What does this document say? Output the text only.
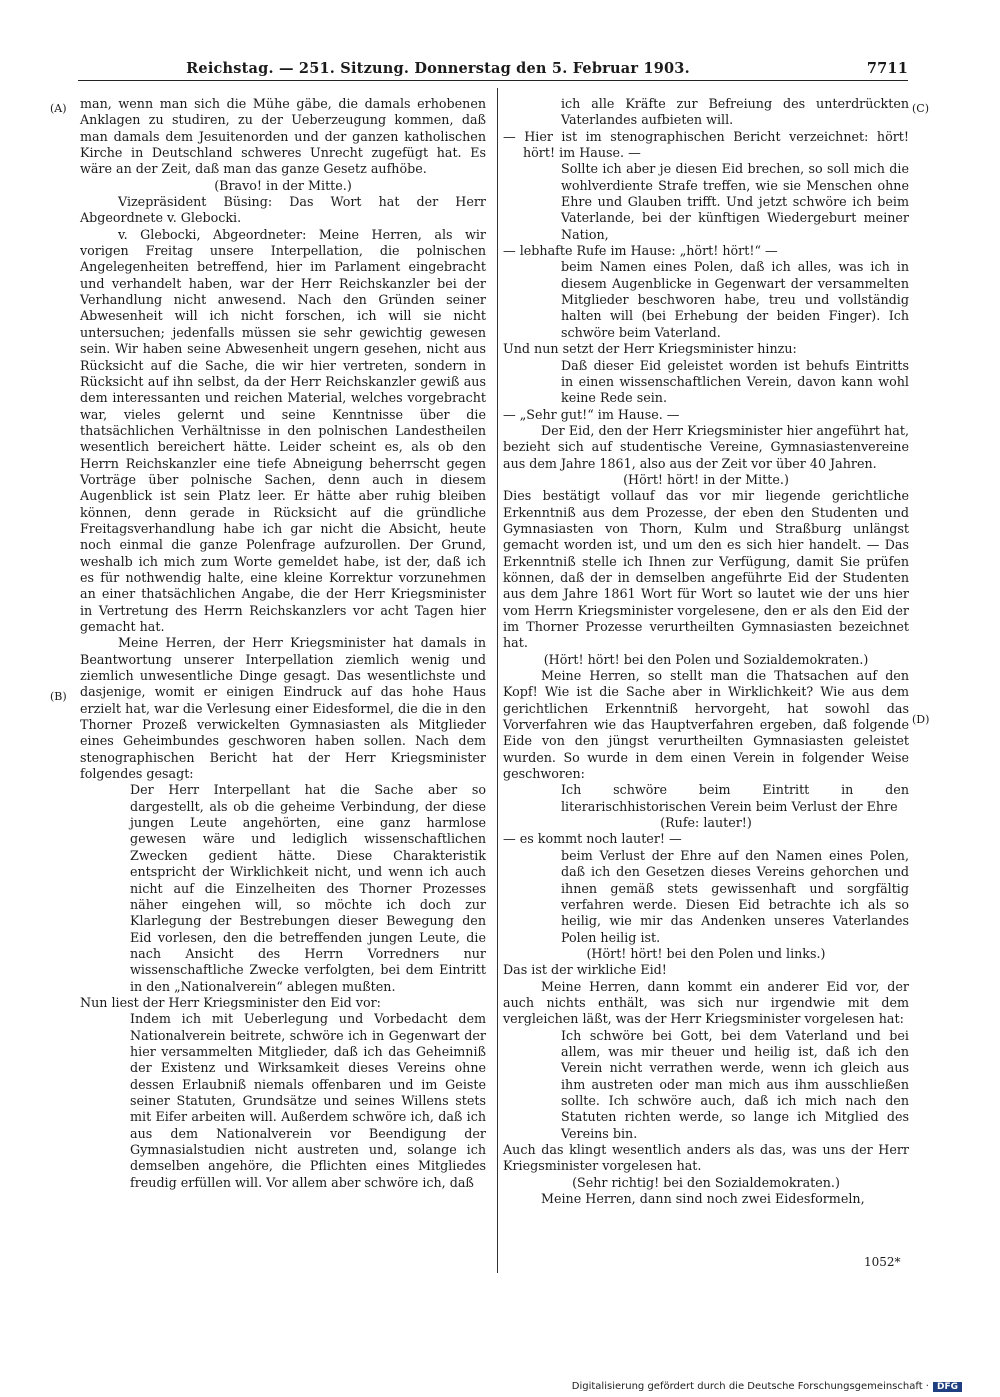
Reichstag. — 251. Sitzung. Donnerstag den 5. Februar 1903.	7711
(A)
(B)
(C)
(D)

man, wenn man sich die Mühe gäbe, die damals erhobenen Anklagen zu studiren, zu der Ueberzeugung kommen, daß man damals dem Jesuitenorden und der ganzen katholischen Kirche in Deutschland schweres Unrecht zugefügt hat. Es wäre an der Zeit, daß man das ganze Gesetz aufhöbe.

(Bravo! in der Mitte.)

Vizepräsident Büsing: Das Wort hat der Herr Abgeordnete v. Glebocki.

v. Glebocki, Abgeordneter: Meine Herren, als wir vorigen Freitag unsere Interpellation, die polnischen Angelegenheiten betreffend, hier im Parlament eingebracht und verhandelt haben, war der Herr Reichskanzler bei der Verhandlung nicht anwesend. Nach den Gründen seiner Abwesenheit will ich nicht forschen, ich will sie nicht untersuchen; jedenfalls müssen sie sehr gewichtig gewesen sein. Wir haben seine Abwesenheit ungern gesehen, nicht aus Rücksicht auf die Sache, die wir hier vertreten, sondern in Rücksicht auf ihn selbst, da der Herr Reichskanzler gewiß aus dem interessanten und reichen Material, welches vorgebracht war, vieles gelernt und seine Kenntnisse über die thatsächlichen Verhältnisse in den polnischen Landestheilen wesentlich bereichert hätte. Leider scheint es, als ob den Herrn Reichskanzler eine tiefe Abneigung beherrscht gegen Vorträge über polnische Sachen, denn auch in diesem Augenblick ist sein Platz leer. Er hätte aber ruhig bleiben können, denn gerade in Rücksicht auf die gründliche Freitagsverhandlung habe ich gar nicht die Absicht, heute noch einmal die ganze Polenfrage aufzurollen. Der Grund, weshalb ich mich zum Worte gemeldet habe, ist der, daß ich es für nothwendig halte, eine kleine Korrektur vorzunehmen an einer thatsächlichen Angabe, die der Herr Kriegsminister in Vertretung des Herrn Reichskanzlers vor acht Tagen hier gemacht hat.

Meine Herren, der Herr Kriegsminister hat damals in Beantwortung unserer Interpellation ziemlich wenig und ziemlich unwesentliche Dinge gesagt. Das wesentlichste und dasjenige, womit er einigen Eindruck auf das hohe Haus erzielt hat, war die Verlesung einer Eidesformel, die die in den Thorner Prozeß verwickelten Gymnasiasten als Mitglieder eines Geheimbundes geschworen haben sollen. Nach dem stenographischen Bericht hat der Herr Kriegsminister folgendes gesagt:

Der Herr Interpellant hat die Sache aber so dargestellt, als ob die geheime Verbindung, der diese jungen Leute angehörten, eine ganz harmlose gewesen wäre und lediglich wissenschaftlichen Zwecken gedient hätte. Diese Charakteristik entspricht der Wirklichkeit nicht, und wenn ich auch nicht auf die Einzelheiten des Thorner Prozesses näher eingehen will, so möchte ich doch zur Klarlegung der Bestrebungen dieser Bewegung den Eid vorlesen, den die betreffenden jungen Leute, die nach Ansicht des Herrn Vorredners nur wissenschaftliche Zwecke verfolgten, bei dem Eintritt in den „Nationalverein“ ablegen mußten.

Nun liest der Herr Kriegsminister den Eid vor:

Indem ich mit Ueberlegung und Vorbedacht dem Nationalverein beitrete, schwöre ich in Gegenwart der hier versammelten Mitglieder, daß ich das Geheimniß der Existenz und Wirksamkeit dieses Vereins ohne dessen Erlaubniß niemals offenbaren und im Geiste seiner Statuten, Grundsätze und seines Willens stets mit Eifer arbeiten will. Außerdem schwöre ich, daß ich aus dem Nationalverein vor Beendigung der Gymnasialstudien nicht austreten und, solange ich demselben angehöre, die Pflichten eines Mitgliedes freudig erfüllen will. Vor allem aber schwöre ich, daß

ich alle Kräfte zur Befreiung des unterdrückten Vaterlandes aufbieten will.

— Hier ist im stenographischen Bericht verzeichnet: hört! hört! im Hause. —

Sollte ich aber je diesen Eid brechen, so soll mich die wohlverdiente Strafe treffen, wie sie Menschen ohne Ehre und Glauben trifft. Und jetzt schwöre ich beim Vaterlande, bei der künftigen Wiedergeburt meiner Nation,

— lebhafte Rufe im Hause: „hört! hört!“ —

beim Namen eines Polen, daß ich alles, was ich in diesem Augenblicke in Gegenwart der versammelten Mitglieder beschworen habe, treu und vollständig halten will (bei Erhebung der beiden Finger). Ich schwöre beim Vaterland.

Und nun setzt der Herr Kriegsminister hinzu:

Daß dieser Eid geleistet worden ist behufs Eintritts in einen wissenschaftlichen Verein, davon kann wohl keine Rede sein.

— „Sehr gut!“ im Hause. —

Der Eid, den der Herr Kriegsminister hier angeführt hat, bezieht sich auf studentische Vereine, Gymnasiastenvereine aus dem Jahre 1861, also aus der Zeit vor über 40 Jahren.

(Hört! hört! in der Mitte.)

Dies bestätigt vollauf das vor mir liegende gerichtliche Erkenntniß aus dem Prozesse, der eben den Studenten und Gymnasiasten von Thorn, Kulm und Straßburg unlängst gemacht worden ist, und um den es sich hier handelt. — Das Erkenntniß stelle ich Ihnen zur Verfügung, damit Sie prüfen können, daß der in demselben angeführte Eid der Studenten aus dem Jahre 1861 Wort für Wort so lautet wie der uns hier vom Herrn Kriegsminister vorgelesene, den er als den Eid der im Thorner Prozesse verurtheilten Gymnasiasten bezeichnet hat.

(Hört! hört! bei den Polen und Sozialdemokraten.)

Meine Herren, so stellt man die Thatsachen auf den Kopf! Wie ist die Sache aber in Wirklichkeit? Wie aus dem gerichtlichen Erkenntniß hervorgeht, hat sowohl das Vorverfahren wie das Hauptverfahren ergeben, daß folgende Eide von den jüngst verurtheilten Gymnasiasten geleistet wurden. So wurde in dem einen Verein in folgender Weise geschworen:

Ich schwöre beim Eintritt in den literarischhistorischen Verein beim Verlust der Ehre

(Rufe: lauter!)

— es kommt noch lauter! —

beim Verlust der Ehre auf den Namen eines Polen, daß ich den Gesetzen dieses Vereins gehorchen und ihnen gemäß stets gewissenhaft und sorgfältig verfahren werde. Diesen Eid betrachte ich als so heilig, wie mir das Andenken unseres Vaterlandes Polen heilig ist.

(Hört! hört! bei den Polen und links.)

Das ist der wirkliche Eid!

Meine Herren, dann kommt ein anderer Eid vor, der auch nichts enthält, was sich nur irgendwie mit dem vergleichen läßt, was der Herr Kriegsminister vorgelesen hat:

Ich schwöre bei Gott, bei dem Vaterland und bei allem, was mir theuer und heilig ist, daß ich den Verein nicht verrathen werde, wenn ich gleich aus ihm austreten oder man mich aus ihm ausschließen sollte. Ich schwöre auch, daß ich mich nach den Statuten richten werde, so lange ich Mitglied des Vereins bin.

Auch das klingt wesentlich anders als das, was uns der Herr Kriegsminister vorgelesen hat.

(Sehr richtig! bei den Sozialdemokraten.)

Meine Herren, dann sind noch zwei Eidesformeln,

1052*
Digitalisierung gefördert durch die Deutsche Forschungsgemeinschaft · DFG
